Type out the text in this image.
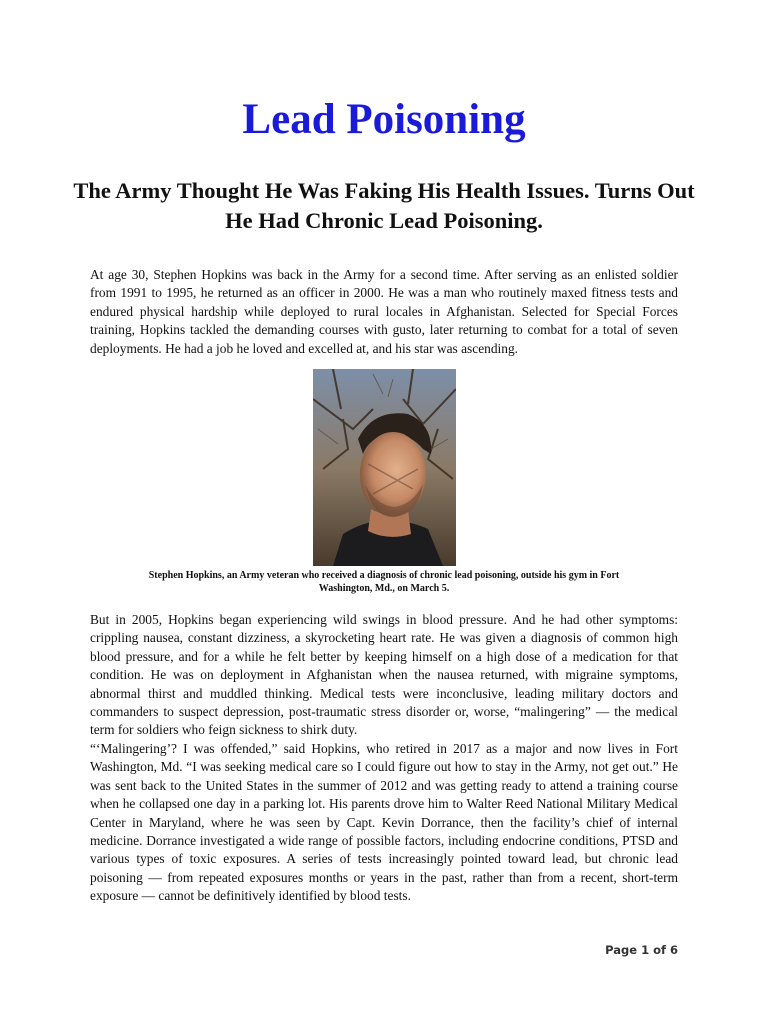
Lead Poisoning
The Army Thought He Was Faking His Health Issues. Turns Out He Had Chronic Lead Poisoning.

At age 30, Stephen Hopkins was back in the Army for a second time. After serving as an enlisted soldier from 1991 to 1995, he returned as an officer in 2000. He was a man who routinely maxed fitness tests and endured physical hardship while deployed to rural locales in Afghanistan. Selected for Special Forces training, Hopkins tackled the demanding courses with gusto, later returning to combat for a total of seven deployments. He had a job he loved and excelled at, and his star was ascending.

Stephen Hopkins, an Army veteran who received a diagnosis of chronic lead poisoning, outside his gym in Fort Washington, Md., on March 5.

But in 2005, Hopkins began experiencing wild swings in blood pressure. And he had other symptoms: crippling nausea, constant dizziness, a skyrocketing heart rate. He was given a diagnosis of common high blood pressure, and for a while he felt better by keeping himself on a high dose of a medication for that condition. He was on deployment in Afghanistan when the nausea returned, with migraine symptoms, abnormal thirst and muddled thinking. Medical tests were inconclusive, leading military doctors and commanders to suspect depression, post-traumatic stress disorder or, worse, “malingering” — the medical term for soldiers who feign sickness to shirk duty.

“‘Malingering’? I was offended,” said Hopkins, who retired in 2017 as a major and now lives in Fort Washington, Md. “I was seeking medical care so I could figure out how to stay in the Army, not get out.” He was sent back to the United States in the summer of 2012 and was getting ready to attend a training course when he collapsed one day in a parking lot. His parents drove him to Walter Reed National Military Medical Center in Maryland, where he was seen by Capt. Kevin Dorrance, then the facility’s chief of internal medicine. Dorrance investigated a wide range of possible factors, including endocrine conditions, PTSD and various types of toxic exposures. A series of tests increasingly pointed toward lead, but chronic lead poisoning — from repeated exposures months or years in the past, rather than from a recent, short-term exposure — cannot be definitively identified by blood tests.

Page 1 of 6
